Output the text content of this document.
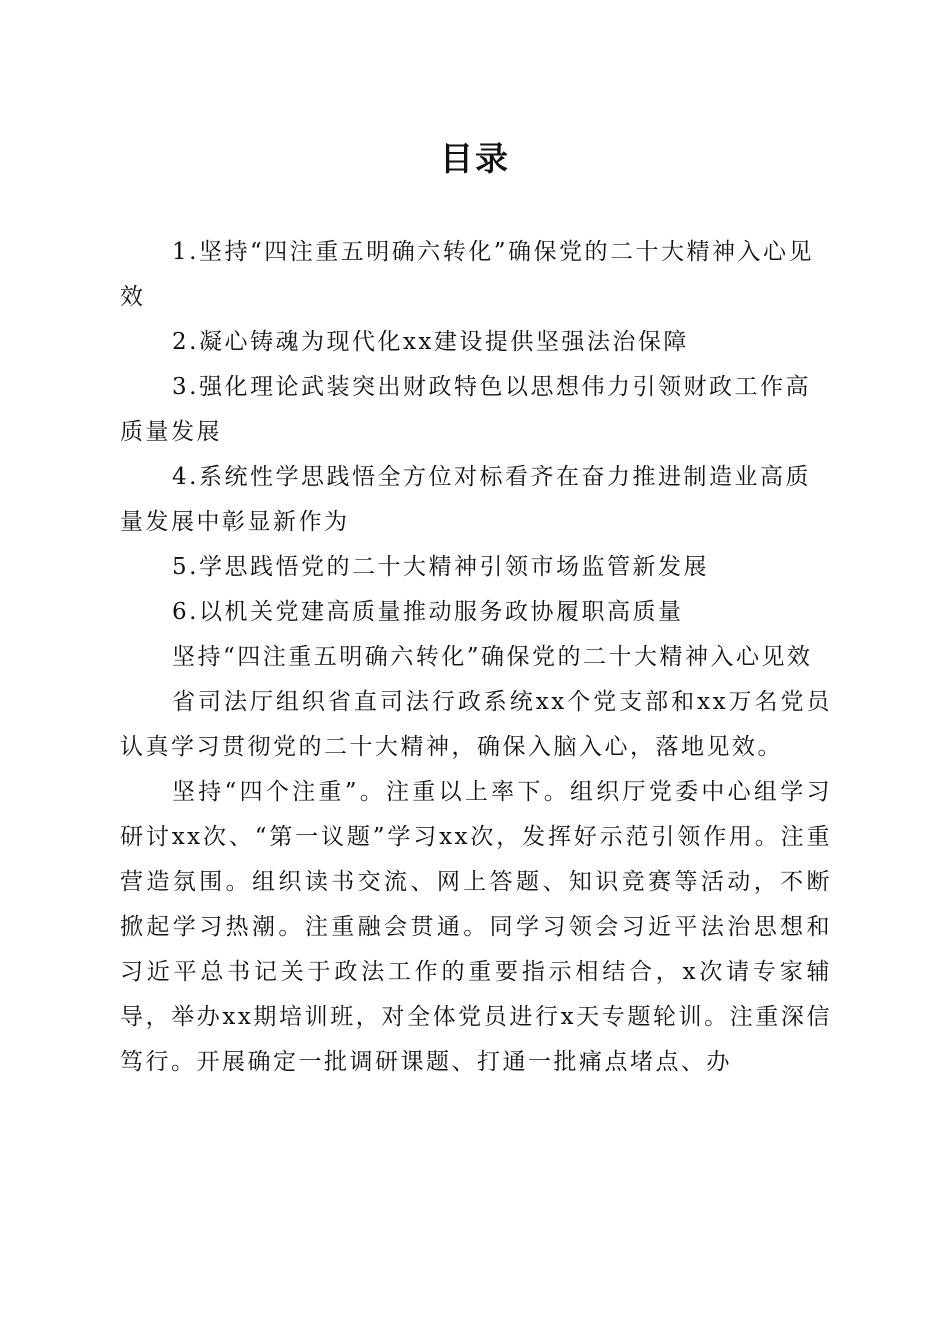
目录

1.坚持“四注重五明确六转化”确保党的二十大精神入心见效

2.凝心铸魂为现代化xx建设提供坚强法治保障

3.强化理论武装突出财政特色以思想伟力引领财政工作高质量发展

4.系统性学思践悟全方位对标看齐在奋力推进制造业高质量发展中彰显新作为

5.学思践悟党的二十大精神引领市场监管新发展

6.以机关党建高质量推动服务政协履职高质量

坚持“四注重五明确六转化”确保党的二十大精神入心见效

省司法厅组织省直司法行政系统xx个党支部和xx万名党员认真学习贯彻党的二十大精神，确保入脑入心，落地见效。

坚持“四个注重”。注重以上率下。组织厅党委中心组学习研讨xx次、“第一议题”学习xx次，发挥好示范引领作用。注重营造氛围。组织读书交流、网上答题、知识竞赛等活动，不断掀起学习热潮。注重融会贯通。同学习领会习近平法治思想和习近平总书记关于政法工作的重要指示相结合，x次请专家辅导，举办xx期培训班，对全体党员进行x天专题轮训。注重深信笃行。开展确定一批调研课题、打通一批痛点堵点、办
